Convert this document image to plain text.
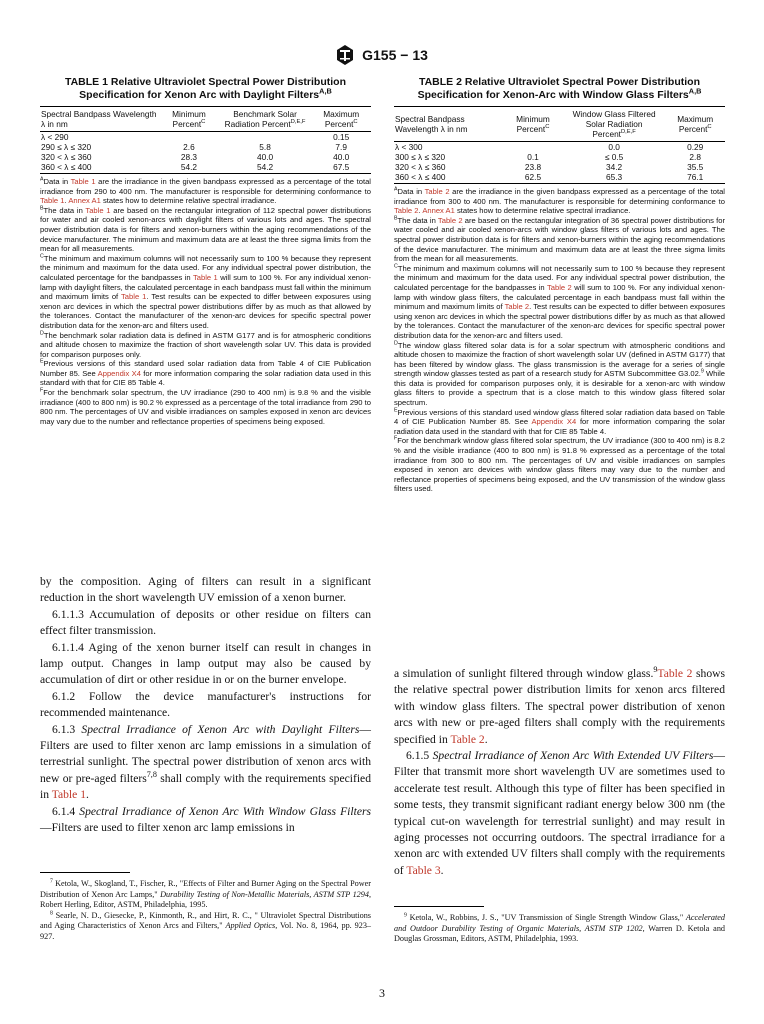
G155 − 13
TABLE 1 Relative Ultraviolet Spectral Power Distribution
Specification for Xenon Arc with Daylight Filters$^{A,B}$
Spectral Bandpass Wavelength λ in nm	Minimum Percent$^C$	Benchmark Solar Radiation Percent$^{D,E,F}$	Maximum Percent$^C$
λ < 290			0.15
290 ≤ λ ≤ 320	2.6	5.8	7.9
320 < λ ≤ 360	28.3	40.0	40.0
360 < λ ≤ 400	54.2	54.2	67.5

$^A$Data in Table 1 are the irradiance in the given bandpass expressed as a percentage of the total irradiance from 290 to 400 nm. The manufacturer is responsible for determining conformance to Table 1. Annex A1 states how to determine relative spectral irradiance.

$^B$The data in Table 1 are based on the rectangular integration of 112 spectral power distributions for water and air cooled xenon-arcs with daylight filters of various lots and ages. The spectral power distribution data is for filters and xenon-burners within the aging recommendations of the device manufacturer. The minimum and maximum data are at least the three sigma limits from the mean for all measurements.

$^C$The minimum and maximum columns will not necessarily sum to 100 % because they represent the minimum and maximum for the data used. For any individual spectral power distribution, the calculated percentage for the bandpasses in Table 1 will sum to 100 %. For any individual xenon-lamp with daylight filters, the calculated percentage in each bandpass must fall within the minimum and maximum limits of Table 1. Test results can be expected to differ between exposures using xenon arc devices in which the spectral power distributions differ by as much as that allowed by the tolerances. Contact the manufacturer of the xenon-arc devices for specific spectral power distribution data for the xenon-arc and filters used.

$^D$The benchmark solar radiation data is defined in ASTM G177 and is for atmospheric conditions and altitude chosen to maximize the fraction of short wavelength solar UV. This data is provided for comparison purposes only.

$^E$Previous versions of this standard used solar radiation data from Table 4 of CIE Publication Number 85. See Appendix X4 for more information comparing the solar radiation data used in this standard with that for CIE 85 Table 4.

$^F$For the benchmark solar spectrum, the UV irradiance (290 to 400 nm) is 9.8 % and the visible irradiance (400 to 800 nm) is 90.2 % expressed as a percentage of the total irradiance from 290 to 800 nm. The percentages of UV and visible irradiances on samples exposed in xenon arc devices may vary due to the number and reflectance properties of specimens being exposed.

by the composition. Aging of filters can result in a significant reduction in the short wavelength UV emission of a xenon burner.

6.1.1.3 Accumulation of deposits or other residue on filters can effect filter transmission.

6.1.1.4 Aging of the xenon burner itself can result in changes in lamp output. Changes in lamp output may also be caused by accumulation of dirt or other residue in or on the burner envelope.

6.1.2 Follow the device manufacturer's instructions for recommended maintenance.

6.1.3 Spectral Irradiance of Xenon Arc with Daylight Filters—Filters are used to filter xenon arc lamp emissions in a simulation of terrestrial sunlight. The spectral power distribution of xenon arcs with new or pre-aged filters$^{7,8}$ shall comply with the requirements specified in Table 1.

6.1.4 Spectral Irradiance of Xenon Arc With Window Glass Filters—Filters are used to filter xenon arc lamp emissions in

$^7$ Ketola, W., Skogland, T., Fischer, R., "Effects of Filter and Burner Aging on the Spectral Power Distribution of Xenon Arc Lamps," Durability Testing of Non-Metallic Materials, ASTM STP 1294, Robert Herling, Editor, ASTM, Philadelphia, 1995.

$^8$ Searle, N. D., Giesecke, P., Kinmonth, R., and Hirt, R. C., " Ultraviolet Spectral Distributions and Aging Characteristics of Xenon Arcs and Filters," Applied Optics, Vol. No. 8, 1964, pp. 923–927.

TABLE 2 Relative Ultraviolet Spectral Power Distribution
Specification for Xenon-Arc with Window Glass Filters$^{A,B}$
Spectral Bandpass Wavelength λ in nm	Minimum Percent$^C$	Window Glass Filtered Solar Radiation Percent$^{D,E,F}$	Maximum Percent$^C$
λ < 300		0.0	0.29
300 ≤ λ ≤ 320	0.1	≤ 0.5	2.8
320 < λ ≤ 360	23.8	34.2	35.5
360 < λ ≤ 400	62.5	65.3	76.1

$^A$Data in Table 2 are the irradiance in the given bandpass expressed as a percentage of the total irradiance from 300 to 400 nm. The manufacturer is responsible for determining conformance to Table 2. Annex A1 states how to determine relative spectral irradiance.

$^B$The data in Table 2 are based on the rectangular integration of 36 spectral power distributions for water cooled and air cooled xenon-arcs with window glass filters of various lots and ages. The spectral power distribution data is for filters and xenon-burners within the aging recommendations of the device manufacturer. The minimum and maximum data are at least the three sigma limits from the mean for all measurements.

$^C$The minimum and maximum columns will not necessarily sum to 100 % because they represent the minimum and maximum for the data used. For any individual spectral power distribution, the calculated percentage for the bandpasses in Table 2 will sum to 100 %. For any individual xenon-lamp with window glass filters, the calculated percentage in each bandpass must fall within the minimum and maximum limits of Table 2. Test results can be expected to differ between exposures using xenon arc devices in which the spectral power distributions differ by as much as that allowed by the tolerances. Contact the manufacturer of the xenon-arc devices for specific spectral power distribution data for the xenon-arc and filters used.

$^D$The window glass filtered solar data is for a solar spectrum with atmospheric conditions and altitude chosen to maximize the fraction of short wavelength solar UV (defined in ASTM G177) that has been filtered by window glass. The glass transmission is the average for a series of single strength window glasses tested as part of a research study for ASTM Subcommittee G3.02.$^9$ While this data is provided for comparison purposes only, it is desirable for a xenon-arc with window glass filters to provide a spectrum that is a close match to this window glass filtered solar spectrum.

$^E$Previous versions of this standard used window glass filtered solar radiation data based on Table 4 of CIE Publication Number 85. See Appendix X4 for more information comparing the solar radiation data used in the standard with that for CIE 85 Table 4.

$^F$For the benchmark window glass filtered solar spectrum, the UV irradiance (300 to 400 nm) is 8.2 % and the visible irradiance (400 to 800 nm) is 91.8 % expressed as a percentage of the total irradiance from 300 to 800 nm. The percentages of UV and visible irradiances on samples exposed in xenon arc devices with window glass filters may vary due to the number and reflectance properties of specimens being exposed, and the UV transmission of the window glass filters used.

a simulation of sunlight filtered through window glass.$^9$Table 2 shows the relative spectral power distribution limits for xenon arcs filtered with window glass filters. The spectral power distribution of xenon arcs with new or pre-aged filters shall comply with the requirements specified in Table 2.

6.1.5 Spectral Irradiance of Xenon Arc With Extended UV Filters—Filter that transmit more short wavelength UV are sometimes used to accelerate test result. Although this type of filter has been specified in some tests, they transmit significant radiant energy below 300 nm (the typical cut-on wavelength for terrestrial sunlight) and may result in aging processes not occurring outdoors. The spectral irradiance for a xenon arc with extended UV filters shall comply with the requirements of Table 3.

$^9$ Ketola, W., Robbins, J. S., "UV Transmission of Single Strength Window Glass," Accelerated and Outdoor Durability Testing of Organic Materials, ASTM STP 1202, Warren D. Ketola and Douglas Grossman, Editors, ASTM, Philadelphia, 1993.

3
